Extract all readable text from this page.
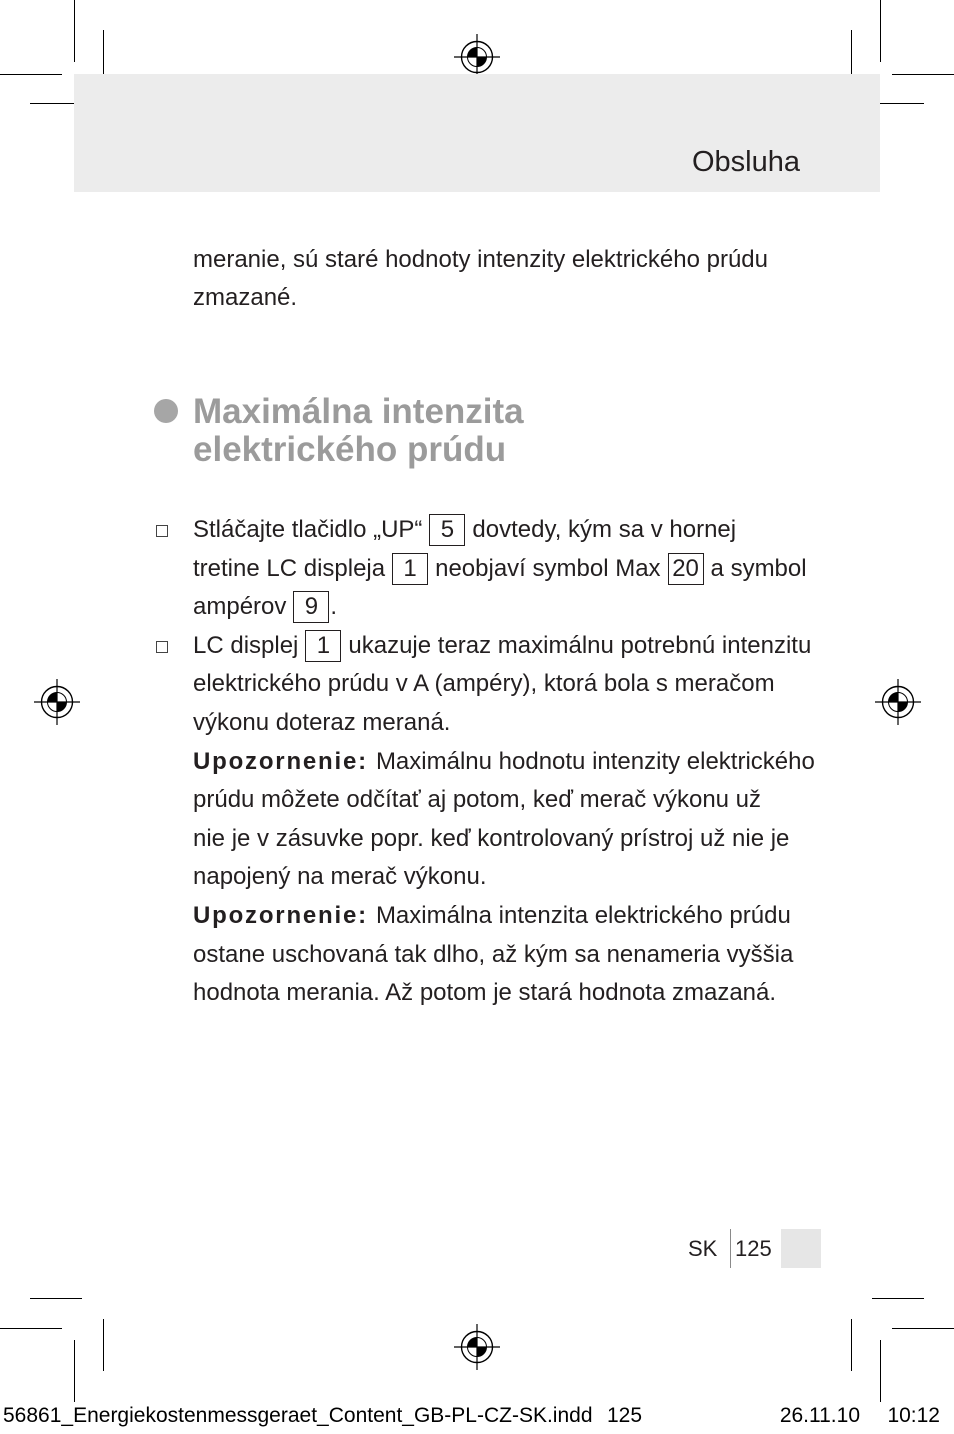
Obsluha
meranie, sú staré hodnoty intenzity elektrického prúdu
zmazané.
Maximálna intenzita
elektrického prúdu
Stláčajte tlačidlo „UP“ 5 dovtedy, kým sa v hornej
tretine LC displeja 1 neobjaví symbol Max 20 a symbol
ampérov 9 .
LC displej 1 ukazuje teraz maximálnu potrebnú intenzitu
elektrického prúdu v A (ampéry), ktorá bola s meračom
výkonu doteraz meraná.
Upozornenie: Maximálnu hodnotu intenzity elektrického
prúdu môžete odčítať aj potom, keď merač výkonu už
nie je v zásuvke popr. keď kontrolovaný prístroj už nie je
napojený na merač výkonu.
Upozornenie: Maximálna intenzita elektrického prúdu
ostane uschovaná tak dlho, až kým sa nenameria vyššia
hodnota merania. Až potom je stará hodnota zmazaná.
SK 125
56861_Energiekostenmessgeraet_Content_GB-PL-CZ-SK.indd 125	26.11.10 10:12
